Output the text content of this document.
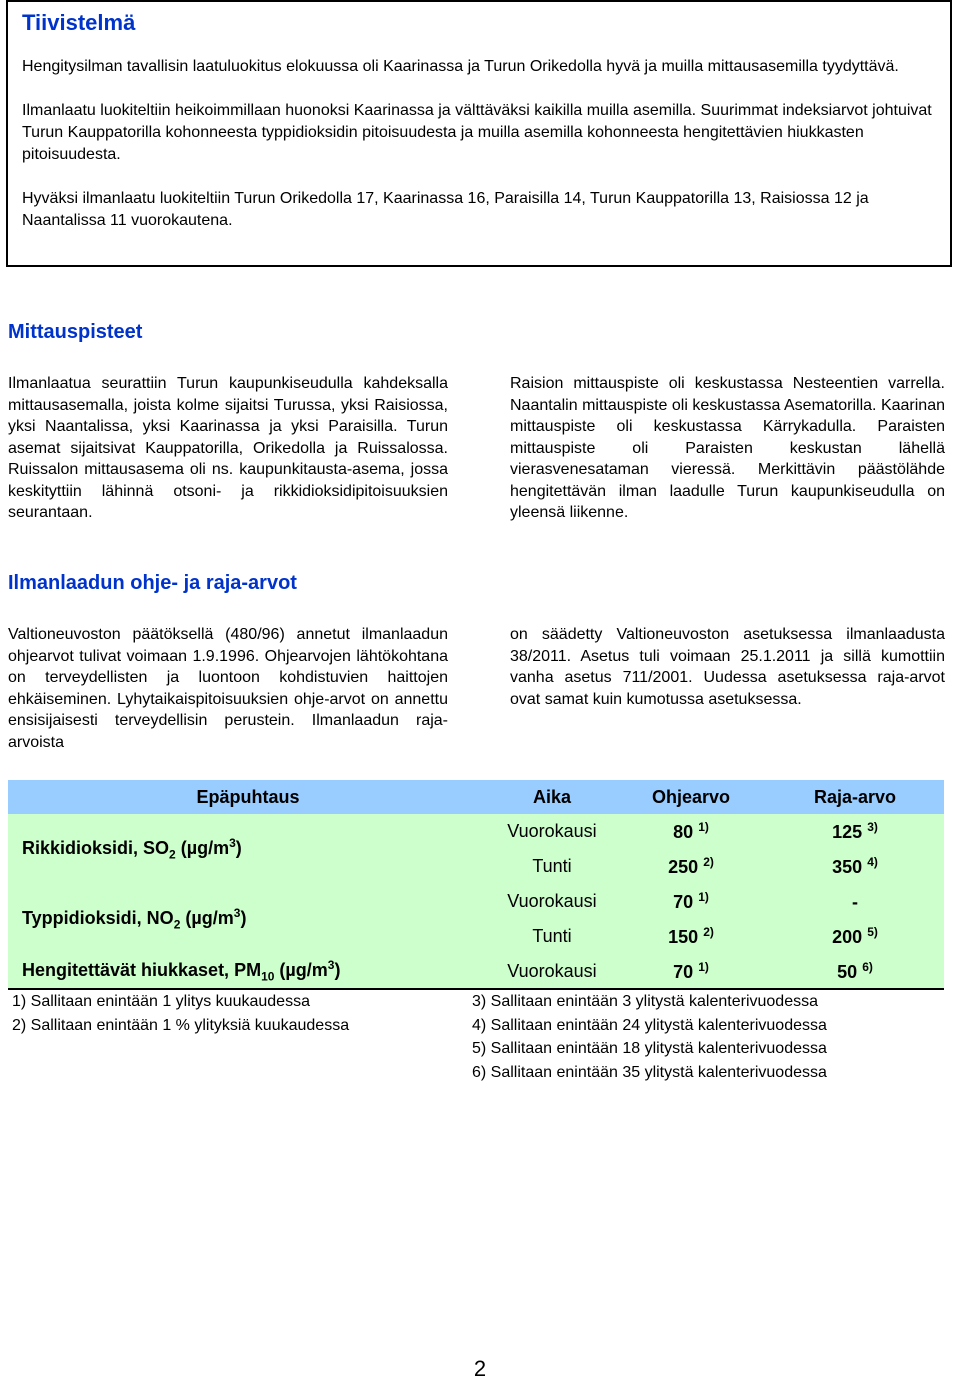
Tiivistelmä

Hengitysilman tavallisin laatuluokitus elokuussa oli Kaarinassa ja Turun Orikedolla hyvä ja muilla mittausasemilla tyydyttävä.

Ilmanlaatu luokiteltiin heikoimmillaan huonoksi Kaarinassa ja välttäväksi kaikilla muilla asemilla. Suurimmat indeksiarvot johtuivat Turun Kauppatorilla kohonneesta typpidioksidin pitoisuudesta ja muilla asemilla kohonneesta hengitettävien hiukkasten pitoisuudesta.

Hyväksi ilmanlaatu luokiteltiin Turun Orikedolla 17, Kaarinassa 16, Paraisilla 14, Turun Kauppatorilla 13, Raisiossa 12 ja Naantalissa 11 vuorokautena.

Mittauspisteet

Ilmanlaatua seurattiin Turun kaupunkiseudulla kahdeksalla mittausasemalla, joista kolme sijaitsi Turussa, yksi Raisiossa, yksi Naantalissa, yksi Kaarinassa ja yksi Paraisilla. Turun asemat sijaitsivat Kauppatorilla, Orikedolla ja Ruissalossa. Ruissalon mittausasema oli ns. kaupunkitausta-asema, jossa keskityttiin lähinnä otsoni- ja rikkidioksidipitoisuuksien seurantaan.

Raision mittauspiste oli keskustassa Nesteentien varrella. Naantalin mittauspiste oli keskustassa Asematorilla. Kaarinan mittauspiste oli keskustassa Kärrykadulla. Paraisten mittauspiste oli Paraisten keskustan lähellä vierasvenesataman vieressä. Merkittävin päästölähde hengitettävän ilman laadulle Turun kaupunkiseudulla on yleensä liikenne.

Ilmanlaadun ohje- ja raja-arvot

Valtioneuvoston päätöksellä (480/96) annetut ilmanlaadun ohjearvot tulivat voimaan 1.9.1996. Ohjearvojen lähtökohtana on terveydellisten ja luontoon kohdistuvien haittojen ehkäiseminen. Lyhytaikaispitoisuuksien ohje-arvot on annettu ensisijaisesti terveydellisin perustein. Ilmanlaadun raja-arvoista

on säädetty Valtioneuvoston asetuksessa ilmanlaadusta 38/2011. Asetus tuli voimaan 25.1.2011 ja sillä kumottiin vanha asetus 711/2001. Uudessa asetuksessa raja-arvot ovat samat kuin kumotussa asetuksessa.

Epäpuhtaus	Aika	Ohjearvo	Raja-arvo
Rikkidioksidi, $SO_2$ $(\mu g/m^3)$	Vuorokausi	80 $^{1)}$	125 $^{3)}$
	Tunti	250 $^{2)}$	350 $^{4)}$
Typpidioksidi, $NO_2$ $(\mu g/m^3)$	Vuorokausi	70 $^{1)}$	-
	Tunti	150 $^{2)}$	200 $^{5)}$
Hengitettävät hiukkaset, $PM_{10}$ $(\mu g/m^3)$	Vuorokausi	70 $^{1)}$	50 $^{6)}$
1) Sallitaan enintään 1 ylitys kuukaudessa
2) Sallitaan enintään 1 % ylityksiä kuukaudessa
3) Sallitaan enintään 3 ylitystä kalenterivuodessa
4) Sallitaan enintään 24 ylitystä kalenterivuodessa
5) Sallitaan enintään 18 ylitystä kalenterivuodessa
6) Sallitaan enintään 35 ylitystä kalenterivuodessa
2
